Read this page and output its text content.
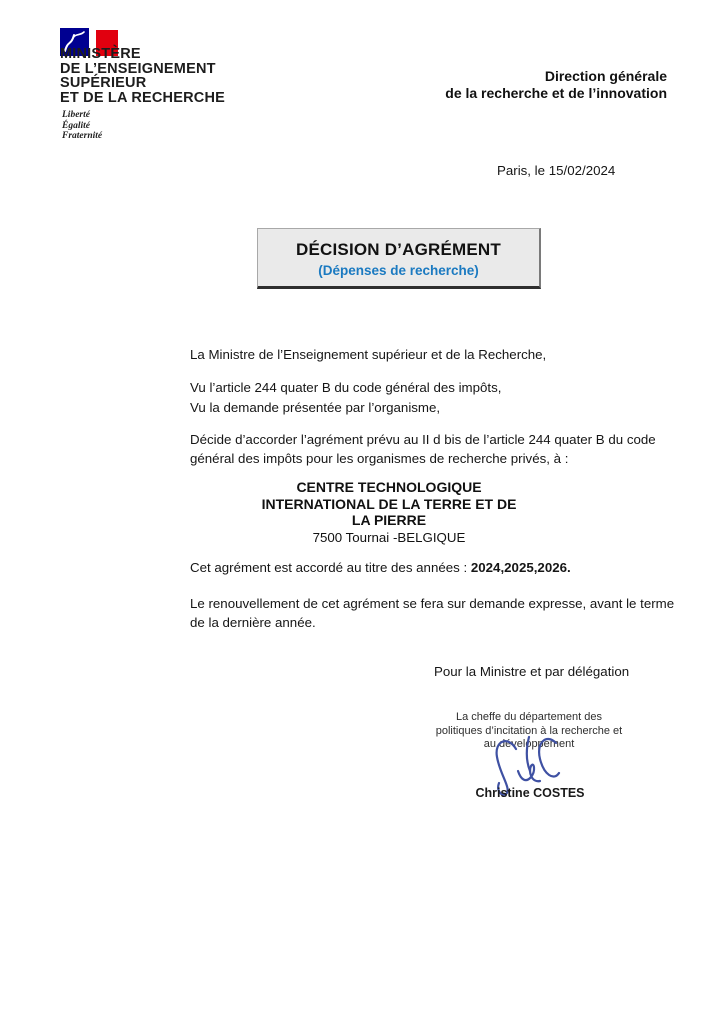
MINISTÈRE
DE L’ENSEIGNEMENT
SUPÉRIEUR
ET DE LA RECHERCHE
Liberté
Égalité
Fraternité
Direction générale
de la recherche et de l’innovation
Paris, le 15/02/2024
DÉCISION D’AGRÉMENT
(Dépenses de recherche)
La Ministre de l’Enseignement supérieur et de la Recherche,
Vu l’article 244 quater B du code général des impôts,
Vu la demande présentée par l’organisme,
Décide d’accorder l’agrément prévu au II d bis de l’article 244 quater B du code général des impôts pour les organismes de recherche privés, à :
CENTRE TECHNOLOGIQUE
INTERNATIONAL DE LA TERRE ET DE
LA PIERRE
7500 Tournai -BELGIQUE
Cet agrément est accordé au titre des années : 2024,2025,2026.
Le renouvellement de cet agrément se fera sur demande expresse, avant le terme de la dernière année.
Pour la Ministre et par délégation
La cheffe du département des
politiques d’incitation à la recherche et
au développement
Christine COSTES
